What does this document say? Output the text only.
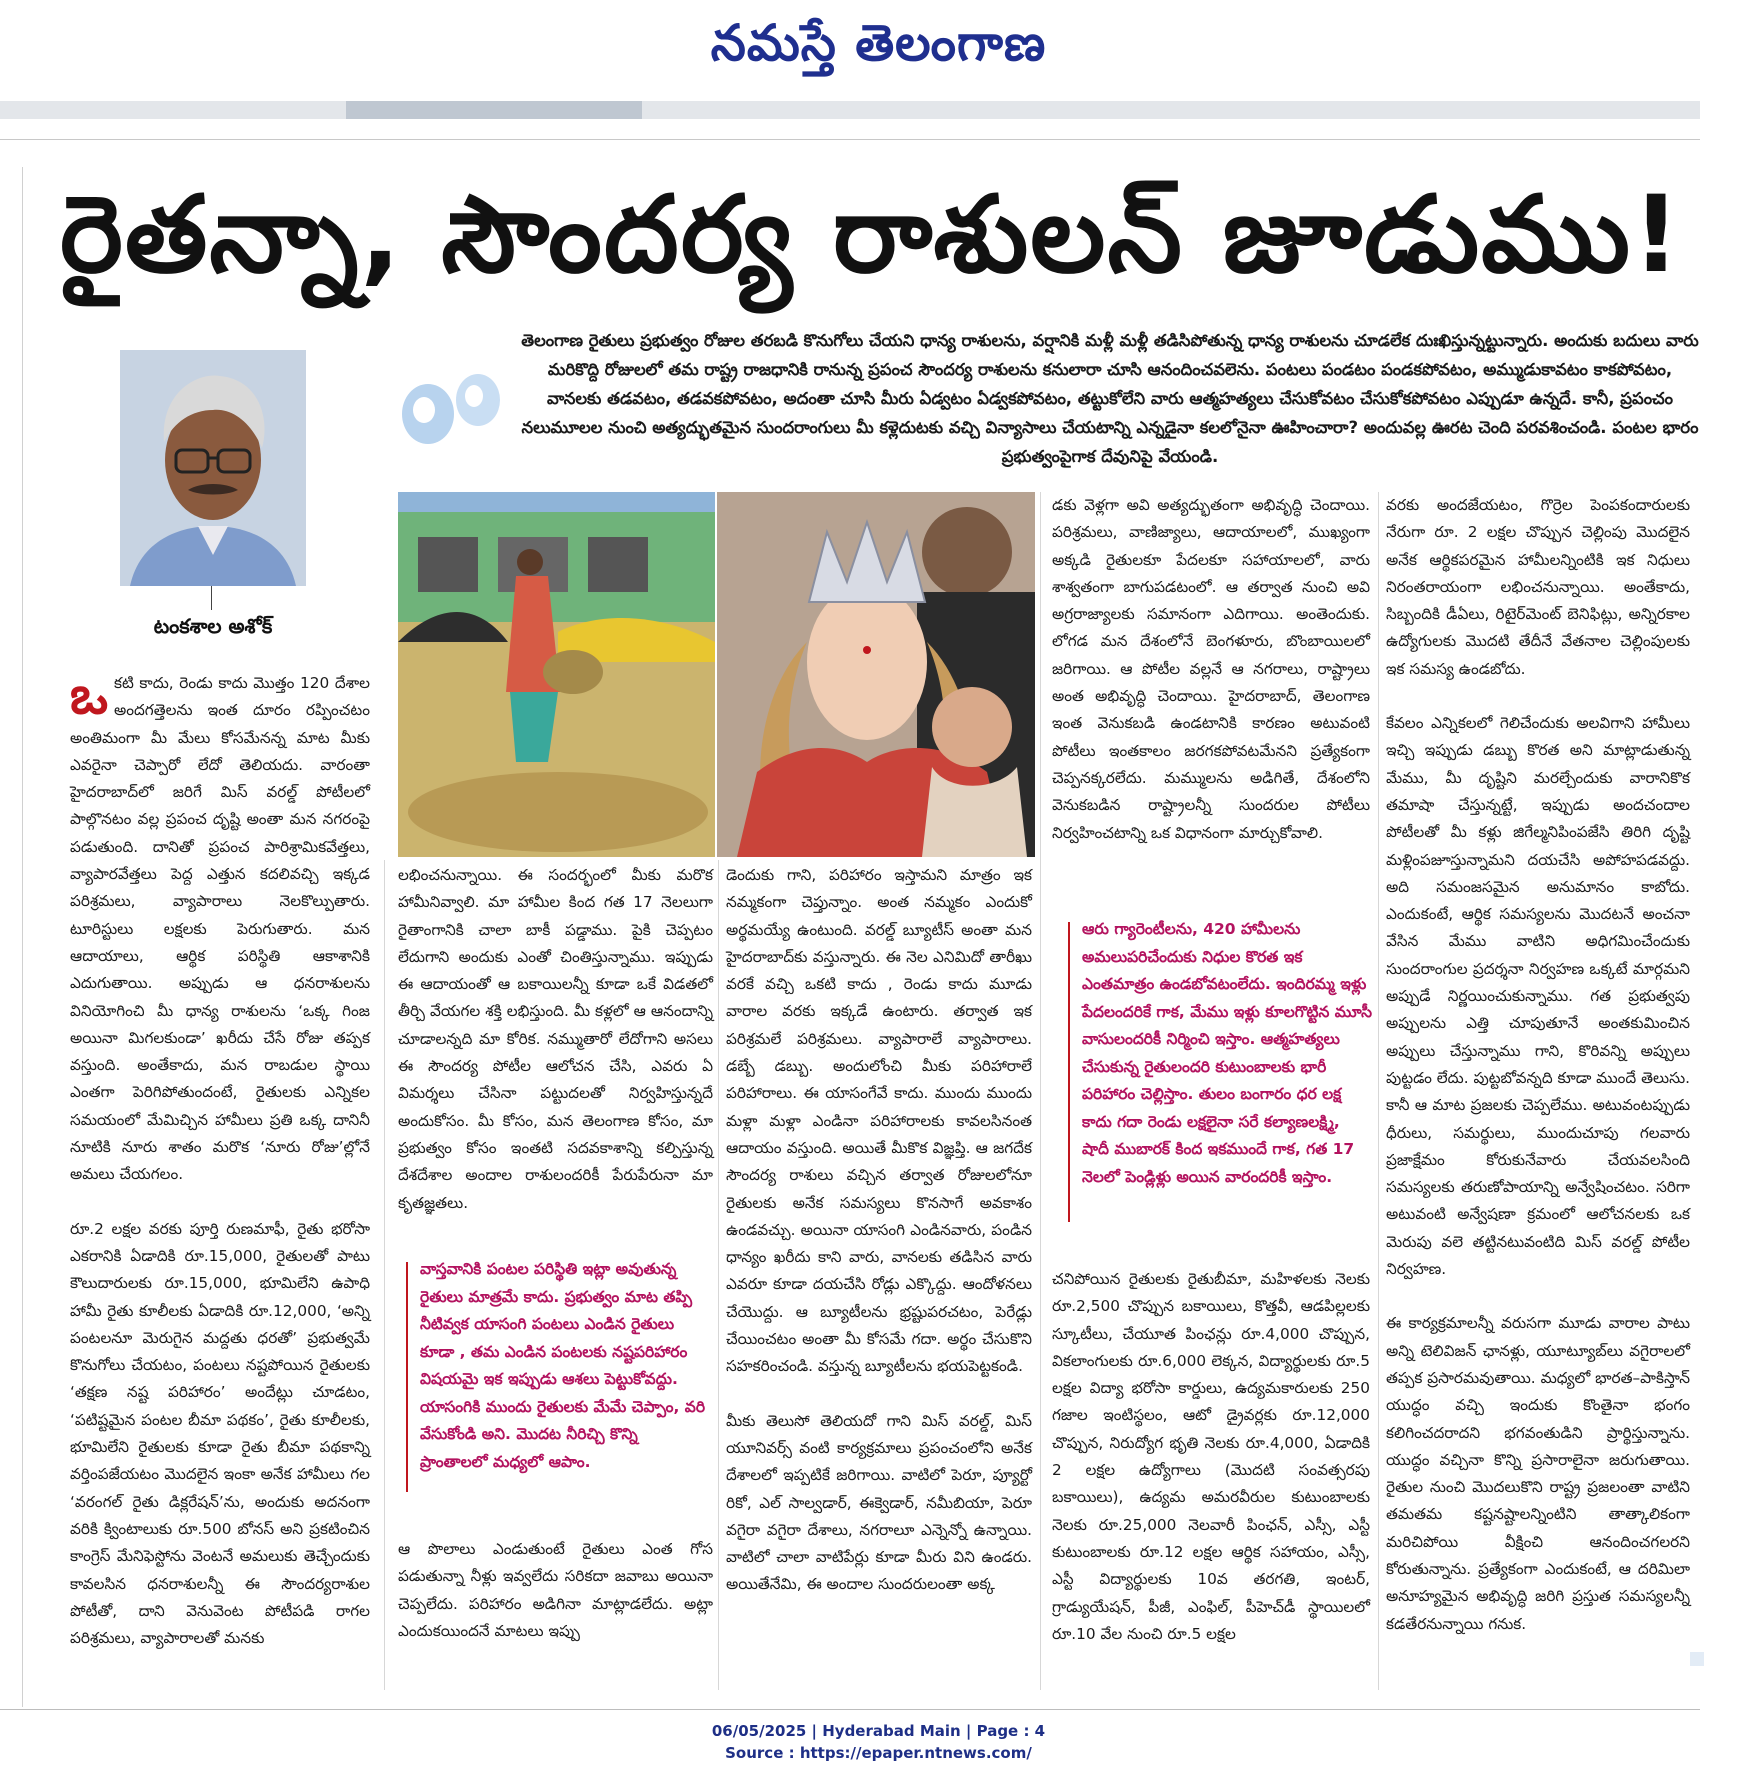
నమస్తే తెలంగాణ
రైతన్నా, సౌందర్య రాశులన్ జూడుము!
తెలంగాణ రైతులు ప్రభుత్వం రోజుల తరబడి కొనుగోలు చేయని ధాన్య రాశులను, వర్షానికి మళ్లీ మళ్లీ తడిసిపోతున్న ధాన్య రాశులను చూడలేక దుఃఖిస్తున్నట్టున్నారు. అందుకు బదులు వారు మరికొద్ది రోజులలో తమ రాష్ట్ర రాజధానికి రానున్న ప్రపంచ సౌందర్య రాశులను కనులారా చూసి ఆనందించవలెను. పంటలు పండటం పండకపోవటం, అమ్ముడుకావటం కాకపోవటం, వానలకు తడవటం, తడవకపోవటం, అదంతా చూసి మీరు ఏడ్వటం ఏడ్వకపోవటం, తట్టుకోలేని వారు ఆత్మహత్యలు చేసుకోవటం చేసుకోకపోవటం ఎప్పుడూ ఉన్నదే. కానీ, ప్రపంచం నలుమూలల నుంచి అత్యద్భుతమైన సుందరాంగులు మీ కళ్లెదుటకు వచ్చి విన్యాసాలు చేయటాన్ని ఎన్నడైనా కలలోనైనా ఊహించారా? అందువల్ల ఊరట చెంది పరవశించండి. పంటల భారం ప్రభుత్వంపైగాక దేవునిపై వేయండి.
టంకశాల అశోక్

ఒకటి కాదు, రెండు కాదు మొత్తం 120 దేశాల అందగత్తెలను ఇంత దూరం రప్పించటం అంతిమంగా మీ మేలు కోసమేనన్న మాట మీకు ఎవరైనా చెప్పారో లేదో తెలియదు. వారంతా హైదరాబాద్‌లో జరిగే మిస్ వరల్డ్ పోటీలలో పాల్గొనటం వల్ల ప్రపంచ దృష్టి అంతా మన నగరంపై పడుతుంది. దానితో ప్రపంచ పారిశ్రామికవేత్తలు, వ్యాపారవేత్తలు పెద్ద ఎత్తున కదలివచ్చి ఇక్కడ పరిశ్రమలు, వ్యాపారాలు నెలకొల్పుతారు. టూరిస్టులు లక్షలకు పెరుగుతారు. మన ఆదాయాలు, ఆర్థిక పరిస్థితి ఆకాశానికి ఎదుగుతాయి. అప్పుడు ఆ ధనరాశులను వినియోగించి మీ ధాన్య రాశులను ‘ఒక్క గింజ అయినా మిగలకుండా’ ఖరీదు చేసే రోజు తప్పక వస్తుంది. అంతేకాదు, మన రాబడుల స్థాయి ఎంతగా పెరిగిపోతుందంటే, రైతులకు ఎన్నికల సమయంలో మేమిచ్చిన హామీలు ప్రతి ఒక్క దానినీ నూటికి నూరు శాతం మరొక ‘నూరు రోజు’ల్లోనే అమలు చేయగలం.

రూ.2 లక్షల వరకు పూర్తి రుణమాఫీ, రైతు భరోసా ఎకరానికి ఏడాదికి రూ.15,000, రైతులతో పాటు కౌలుదారులకు రూ.15,000, భూమిలేని ఉపాధి హామీ రైతు కూలీలకు ఏడాదికి రూ.12,000, ‘అన్ని పంటలనూ మెరుగైన మద్దతు ధరతో’ ప్రభుత్వమే కొనుగోలు చేయటం, పంటలు నష్టపోయిన రైతులకు ‘తక్షణ నష్ట పరిహారం’ అందేట్లు చూడటం, ‘పటిష్టమైన పంటల బీమా పథకం’, రైతు కూలీలకు, భూమిలేని రైతులకు కూడా రైతు బీమా పథకాన్ని వర్తింపజేయటం మొదలైన ఇంకా అనేక హామీలు గల ‘వరంగల్ రైతు డిక్లరేషన్’ను, అందుకు అదనంగా వరికి క్వింటాలుకు రూ.500 బోనస్ అని ప్రకటించిన కాంగ్రెస్ మేనిఫెస్టోను వెంటనే అమలుకు తెచ్చేందుకు కావలసిన ధనరాశులన్నీ ఈ సౌందర్యరాశుల పోటీతో, దాని వెనువెంట పోటీపడి రాగల పరిశ్రమలు, వ్యాపారాలతో మనకు

లభించనున్నాయి. ఈ సందర్భంలో మీకు మరొక హామీనివ్వాలి. మా హామీల కింద గత 17 నెలలుగా రైతాంగానికి చాలా బాకీ పడ్డాము. పైకి చెప్పటం లేదుగాని అందుకు ఎంతో చింతిస్తున్నాము. ఇప్పుడు ఈ ఆదాయంతో ఆ బకాయిలన్నీ కూడా ఒకే విడతలో తీర్చి వేయగల శక్తి లభిస్తుంది. మీ కళ్లలో ఆ ఆనందాన్ని చూడాలన్నది మా కోరిక. నమ్ముతారో లేదోగాని అసలు ఈ సౌందర్య పోటీల ఆలోచన చేసి, ఎవరు ఏ విమర్శలు చేసినా పట్టుదలతో నిర్వహిస్తున్నదే అందుకోసం. మీ కోసం, మన తెలంగాణ కోసం, మా ప్రభుత్వం కోసం ఇంతటి సదవకాశాన్ని కల్పిస్తున్న దేశదేశాల అందాల రాశులందరికీ పేరుపేరునా మా కృతజ్ఞతలు.

వాస్తవానికి పంటల పరిస్థితి ఇట్లా అవుతున్న రైతులు మాత్రమే కాదు. ప్రభుత్వం మాట తప్పి నీటివ్వక యాసంగి పంటలు ఎండిన రైతులు కూడా , తమ ఎండిన పంటలకు నష్టపరిహారం విషయమై ఇక ఇప్పుడు ఆశలు పెట్టుకోవద్దు. యాసంగికి ముందు రైతులకు మేమే చెప్పాం, వరి వేసుకోండి అని. మొదట నీరిచ్చి కొన్ని ప్రాంతాలలో మధ్యలో ఆపాం.

ఆ పొలాలు ఎండుతుంటే రైతులు ఎంత గోస పడుతున్నా నీళ్లు ఇవ్వలేదు సరికదా జవాబు అయినా చెప్పలేదు. పరిహారం అడిగినా మాట్లాడలేదు. అట్లా ఎందుకయిందనే మాటలు ఇప్పు

డెందుకు గాని, పరిహారం ఇస్తామని మాత్రం ఇక నమ్మకంగా చెప్తున్నాం. అంత నమ్మకం ఎందుకో అర్థమయ్యే ఉంటుంది. వరల్డ్ బ్యూటీస్ అంతా మన హైదరాబాద్‌కు వస్తున్నారు. ఈ నెల ఎనిమిదో తారీఖు వరకే వచ్చి ఒకటి కాదు , రెండు కాదు మూడు వారాల వరకు ఇక్కడే ఉంటారు. తర్వాత ఇక పరిశ్రమలే పరిశ్రమలు. వ్యాపారాలే వ్యాపారాలు. డబ్బే డబ్బు. అందులోంచి మీకు పరిహారాలే పరిహారాలు. ఈ యాసంగేవే కాదు. ముందు ముందు మళ్లా మళ్లా ఎండినా పరిహారాలకు కావలసినంత ఆదాయం వస్తుంది. అయితే మీకొక విజ్ఞప్తి. ఆ జగదేక సౌందర్య రాశులు వచ్చిన తర్వాత రోజులలోనూ రైతులకు అనేక సమస్యలు కొనసాగే అవకాశం ఉండవచ్చు. అయినా యాసంగి ఎండినవారు, పండిన ధాన్యం ఖరీదు కాని వారు, వానలకు తడిసిన వారు ఎవరూ కూడా దయచేసి రోడ్లు ఎక్కొద్దు. ఆందోళనలు చేయొద్దు. ఆ బ్యూటీలను భ్రష్టుపరచటం, పెరేడ్లు చేయించటం అంతా మీ కోసమే గదా. అర్థం చేసుకొని సహకరించండి. వస్తున్న బ్యూటీలను భయపెట్టకండి.

మీకు తెలుసో తెలియదో గాని మిస్ వరల్డ్, మిస్ యూనివర్స్ వంటి కార్యక్రమాలు ప్రపంచంలోని అనేక దేశాలలో ఇప్పటికే జరిగాయి. వాటిలో పెరూ, ప్యూర్టో రికో, ఎల్ సాల్వడార్, ఈక్వెడార్, నమీబియా, పెరూ వగైరా వగైరా దేశాలు, నగరాలూ ఎన్నెన్నో ఉన్నాయి. వాటిలో చాలా వాటిపేర్లు కూడా మీరు విని ఉండరు. అయితేనేమి, ఈ అందాల సుందరులంతా అక్క

డకు వెళ్లగా అవి అత్యద్భుతంగా అభివృద్ధి చెందాయి. పరిశ్రమలు, వాణిజ్యాలు, ఆదాయాలలో, ముఖ్యంగా అక్కడి రైతులకూ పేదలకూ సహాయాలలో, వారు శాశ్వతంగా బాగుపడటంలో. ఆ తర్వాత నుంచి అవి అగ్రరాజ్యాలకు సమానంగా ఎదిగాయి. అంతెందుకు. లోగడ మన దేశంలోనే బెంగళూరు, బొంబాయిలలో జరిగాయి. ఆ పోటీల వల్లనే ఆ నగరాలు, రాష్ట్రాలు అంత అభివృద్ధి చెందాయి. హైదరాబాద్, తెలంగాణ ఇంత వెనుకబడి ఉండటానికి కారణం అటువంటి పోటీలు ఇంతకాలం జరగకపోవటమేనని ప్రత్యేకంగా చెప్పనక్కరలేదు. మమ్ములను అడిగితే, దేశంలోని వెనుకబడిన రాష్ట్రాలన్నీ సుందరుల పోటీలు నిర్వహించటాన్ని ఒక విధానంగా మార్చుకోవాలి.

ఆరు గ్యారెంటీలను, 420 హామీలను అమలుపరిచేందుకు నిధుల కొరత ఇక ఎంతమాత్రం ఉండబోవటంలేదు. ఇందిరమ్మ ఇళ్లు పేదలందరికే గాక, మేము ఇళ్లు కూలగొట్టిన మూసీ వాసులందరికీ నిర్మించి ఇస్తాం. ఆత్మహత్యలు చేసుకున్న రైతులందరి కుటుంబాలకు భారీ పరిహారం చెల్లిస్తాం. తులం బంగారం ధర లక్ష కాదు గదా రెండు లక్షలైనా సరే కల్యాణలక్ష్మి, షాదీ ముబారక్ కింద ఇకముందే గాక, గత 17 నెలలో పెండ్లిళ్లు అయిన వారందరికీ ఇస్తాం.

చనిపోయిన రైతులకు రైతుబీమా, మహిళలకు నెలకు రూ.2,500 చొప్పున బకాయిలు, కొత్తవీ, ఆడపిల్లలకు స్కూటీలు, చేయూత పింఛన్లు రూ.4,000 చొప్పున, వికలాంగులకు రూ.6,000 లెక్కన, విద్యార్థులకు రూ.5 లక్షల విద్యా భరోసా కార్డులు, ఉద్యమకారులకు 250 గజాల ఇంటిస్థలం, ఆటో డ్రైవర్లకు రూ.12,000 చొప్పున, నిరుద్యోగ భృతి నెలకు రూ.4,000, ఏడాదికి 2 లక్షల ఉద్యోగాలు (మొదటి సంవత్సరపు బకాయిలు), ఉద్యమ అమరవీరుల కుటుంబాలకు నెలకు రూ.25,000 నెలవారీ పింఛన్, ఎస్సీ, ఎస్టీ కుటుంబాలకు రూ.12 లక్షల ఆర్థిక సహాయం, ఎస్సీ, ఎస్టీ విద్యార్థులకు 10వ తరగతి, ఇంటర్, గ్రాడ్యుయేషన్, పీజీ, ఎంఫిల్, పీహెచ్‌డీ స్థాయిలలో రూ.10 వేల నుంచి రూ.5 లక్షల

వరకు అందజేయటం, గొర్రెల పెంపకందారులకు నేరుగా రూ. 2 లక్షల చొప్పున చెల్లింపు మొదలైన అనేక ఆర్థికపరమైన హామీలన్నింటికి ఇక నిధులు నిరంతరాయంగా లభించనున్నాయి. అంతేకాదు, సిబ్బందికి డీఏలు, రిటైర్‌మెంట్ బెనిఫిట్లు, అన్నిరకాల ఉద్యోగులకు మొదటి తేదీనే వేతనాల చెల్లింపులకు ఇక సమస్య ఉండబోదు.

కేవలం ఎన్నికలలో గెలిచేందుకు అలవిగాని హామీలు ఇచ్చి ఇప్పుడు డబ్బు కొరత అని మాట్లాడుతున్న మేము, మీ దృష్టిని మరల్చేందుకు వారానికొక తమాషా చేస్తున్నట్టే, ఇప్పుడు అందచందాల పోటీలతో మీ కళ్లు జిగేల్మనిపింపజేసి తిరిగి దృష్టి మళ్లింపజూస్తున్నామని దయచేసి అపోహపడవద్దు. అది సమంజసమైన అనుమానం కాబోదు. ఎందుకంటే, ఆర్థిక సమస్యలను మొదటనే అంచనా వేసిన మేము వాటిని అధిగమించేందుకు సుందరాంగుల ప్రదర్శనా నిర్వహణ ఒక్కటే మార్గమని అప్పుడే నిర్ణయించుకున్నాము. గత ప్రభుత్వపు అప్పులను ఎత్తి చూపుతూనే అంతకుమించిన అప్పులు చేస్తున్నాము గాని, కొరివన్ని అప్పులు పుట్టడం లేదు. పుట్టబోవన్నది కూడా ముందే తెలుసు. కానీ ఆ మాట ప్రజలకు చెప్పలేము. అటువంటప్పుడు ధీరులు, సమర్థులు, ముందుచూపు గలవారు ప్రజాక్షేమం కోరుకునేవారు చేయవలసింది సమస్యలకు తరుణోపాయాన్ని అన్వేషించటం. సరిగా అటువంటి అన్వేషణా క్రమంలో ఆలోచనలకు ఒక మెరుపు వలె తట్టినటువంటిది మిస్ వరల్డ్ పోటీల నిర్వహణ.

ఈ కార్యక్రమాలన్నీ వరుసగా మూడు వారాల పాటు అన్ని టెలివిజన్ ఛానళ్లు, యూట్యూబ్‌లు వగైరాలలో తప్పక ప్రసారమవుతాయి. మధ్యలో భారత–పాకిస్తాన్ యుద్ధం వచ్చి ఇందుకు కొంతైనా భంగం కలిగించదరాదని భగవంతుడిని ప్రార్థిస్తున్నాను. యుద్ధం వచ్చినా కొన్ని ప్రసారాలైనా జరుగుతాయి. రైతుల నుంచి మొదలుకొని రాష్ట్ర ప్రజలంతా వాటిని తమతమ కష్టనష్టాలన్నింటిని తాత్కాలికంగా మరిచిపోయి వీక్షించి ఆనందించగలరని కోరుతున్నాను. ప్రత్యేకంగా ఎందుకంటే, ఆ దరిమిలా అనూహ్యమైన అభివృద్ధి జరిగి ప్రస్తుత సమస్యలన్నీ కడతేరనున్నాయి గనుక.

06/05/2025 | Hyderabad Main | Page : 4
Source : https://epaper.ntnews.com/
